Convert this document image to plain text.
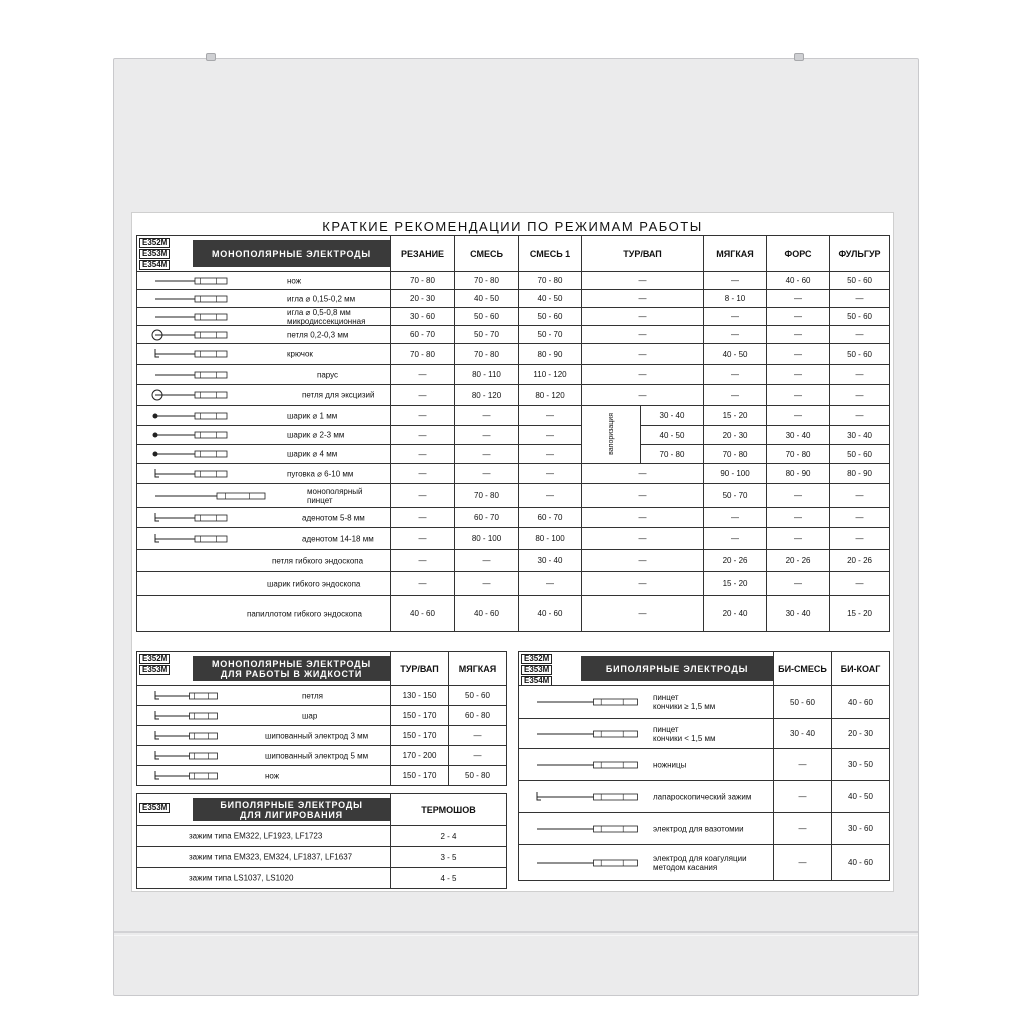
КРАТКИЕ РЕКОМЕНДАЦИИ ПО РЕЖИМАМ РАБОТЫ
E352M
E353M
E354M
МОНОПОЛЯРНЫЕ ЭЛЕКТРОДЫ	РЕЗАНИЕ	СМЕСЬ	СМЕСЬ 1	ТУР/ВАП		МЯГКАЯ	ФОРС	ФУЛЬГУР	

нож	70 - 80	70 - 80	70 - 80	—		—	40 - 60	50 - 60	

игла ⌀ 0,15-0,2 мм	20 - 30	40 - 50	40 - 50	—		8 - 10	—	—	

игла ⌀ 0,5-0,8 мм
микродиссекционная	30 - 60	50 - 60	50 - 60	—		—	—	50 - 60	

петля 0,2-0,3 мм	60 - 70	50 - 70	50 - 70	—		—	—	—	

крючок	70 - 80	70 - 80	80 - 90	—		40 - 50	—	50 - 60	

парус	—	80 - 110	110 - 120	—		—	—	—	

петля для эксцизий	—	80 - 120	80 - 120	—		—	—	—	

шарик ⌀ 1 мм	—	—	—	вапоризация	30 - 40	15 - 20	—	—	

шарик ⌀ 2-3 мм	—	—	—		40 - 50	20 - 30	30 - 40	30 - 40	

шарик ⌀ 4 мм	—	—	—		70 - 80	70 - 80	70 - 80	50 - 60	

пуговка ⌀ 6-10 мм	—	—	—	—		90 - 100	80 - 90	80 - 90	

монополярный
пинцет	—	70 - 80	—	—		50 - 70	—	—	

аденотом 5-8 мм	—	60 - 70	60 - 70	—		—	—	—	

аденотом 14-18 мм	—	80 - 100	80 - 100	—		—	—	—	

петля гибкого эндоскопа	—	—	30 - 40	—		20 - 26	20 - 26	20 - 26	

шарик гибкого эндоскопа	—	—	—	—		15 - 20	—	—	

папиллотом гибкого эндоскопа	40 - 60	40 - 60	40 - 60	—		20 - 40	30 - 40	15 - 20	
E352M
E353M
МОНОПОЛЯРНЫЕ ЭЛЕКТРОДЫ
ДЛЯ РАБОТЫ В ЖИДКОСТИ	ТУР/ВАП	МЯГКАЯ

петля	130 - 150	50 - 60

шар	150 - 170	60 - 80

шипованный электрод 3 мм	150 - 170	—

шипованный электрод 5 мм	170 - 200	—

нож	150 - 170	50 - 80
E353M БИПОЛЯРНЫЕ ЭЛЕКТРОДЫ
ДЛЯ ЛИГИРОВАНИЯ	ТЕРМОШОВ

зажим типа EM322, LF1923, LF1723	2 - 4

зажим типа EM323, EM324, LF1837, LF1637	3 - 5

зажим типа LS1037, LS1020	4 - 5
E352M
E353M
E354M
БИПОЛЯРНЫЕ ЭЛЕКТРОДЫ	БИ-СМЕСЬ	БИ-КОАГ

пинцет
кончики ≥ 1,5 мм	50 - 60	40 - 60

пинцет
кончики < 1,5 мм	30 - 40	20 - 30

ножницы	—	30 - 50

лапароскопический зажим	—	40 - 50

электрод для вазотомии	—	30 - 60

электрод для коагуляции
методом касания	—	40 - 60
